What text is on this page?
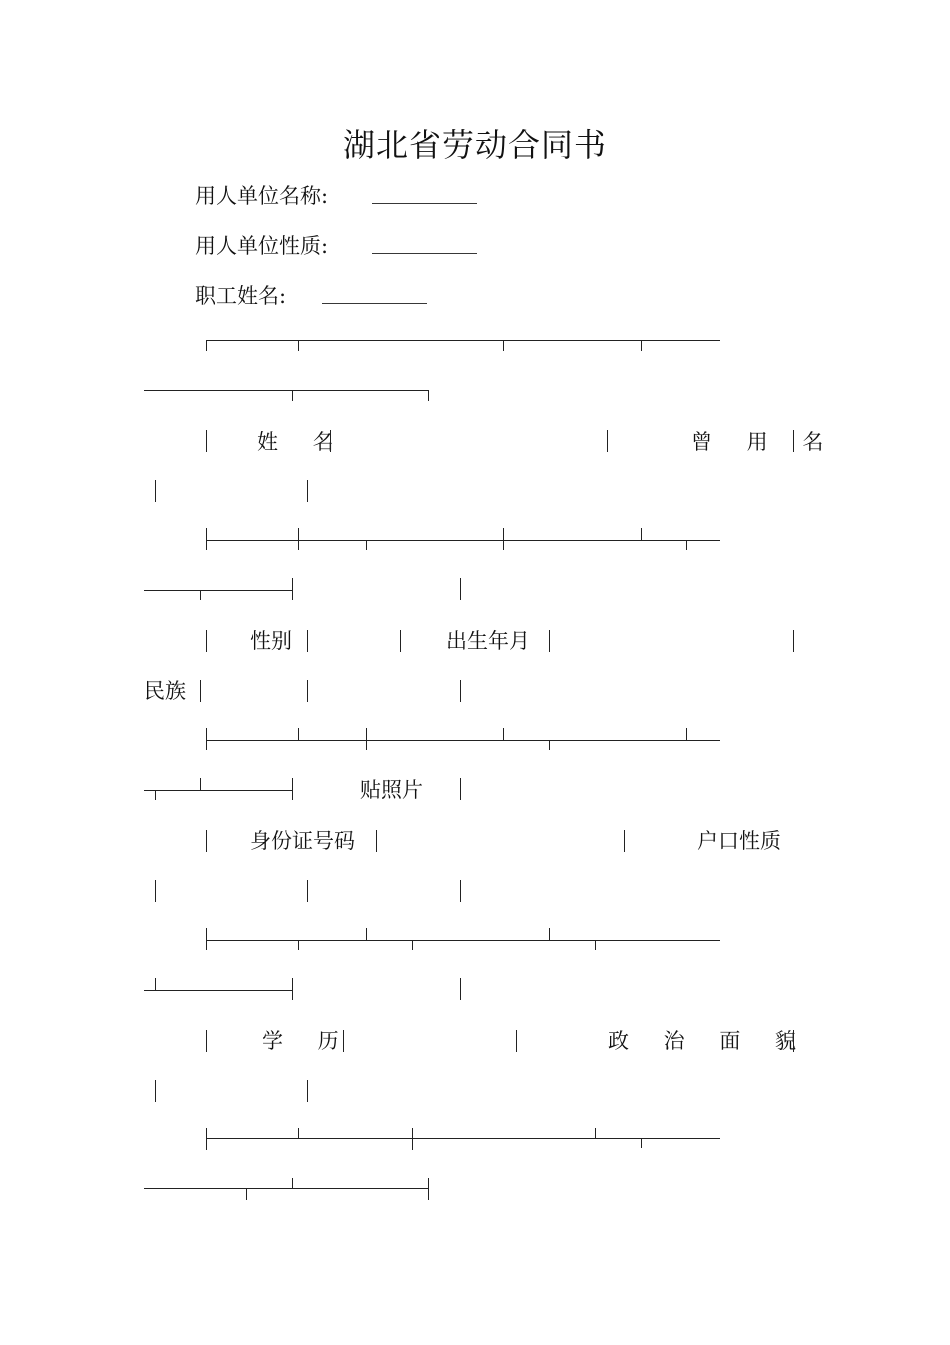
湖北省劳动合同书
用人单位名称: __________
用人单位性质: __________
职工姓名: __________
姓 名	曾 用 名
性别	出生年月
民族
贴照片
身份证号码	户口性质
学 历	政 治 面 貌
